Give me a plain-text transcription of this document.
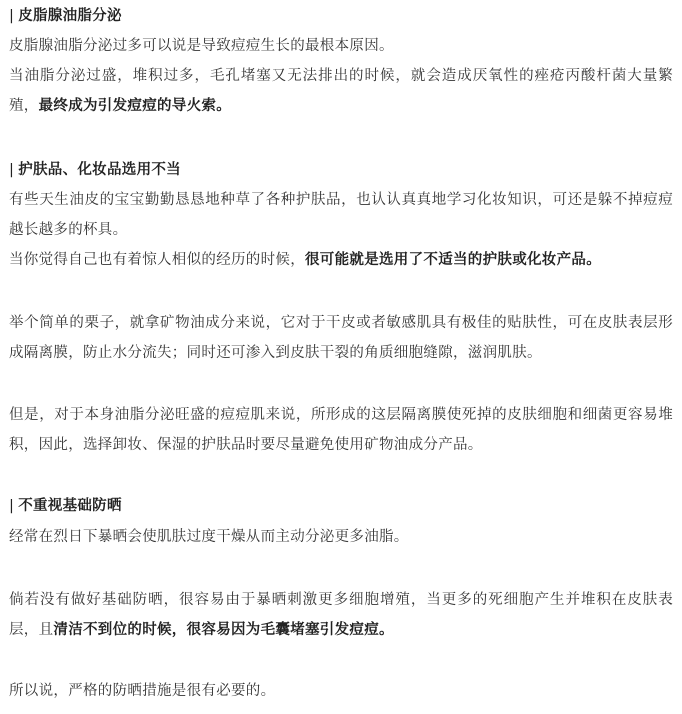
| 皮脂腺油脂分泌

皮脂腺油脂分泌过多可以说是导致痘痘生长的最根本原因。

当油脂分泌过盛，堆积过多，毛孔堵塞又无法排出的时候，就会造成厌氧性的痤疮丙酸杆菌大量繁殖，最终成为引发痘痘的导火索。

| 护肤品、化妆品选用不当

有些天生油皮的宝宝勤勤恳恳地种草了各种护肤品，也认认真真地学习化妆知识，可还是躲不掉痘痘越长越多的杯具。

当你觉得自己也有着惊人相似的经历的时候，很可能就是选用了不适当的护肤或化妆产品。

举个简单的栗子，就拿矿物油成分来说，它对于干皮或者敏感肌具有极佳的贴肤性，可在皮肤表层形成隔离膜，防止水分流失；同时还可渗入到皮肤干裂的角质细胞缝隙，滋润肌肤。

但是，对于本身油脂分泌旺盛的痘痘肌来说，所形成的这层隔离膜使死掉的皮肤细胞和细菌更容易堆积，因此，选择卸妆、保湿的护肤品时要尽量避免使用矿物油成分产品。

| 不重视基础防晒

经常在烈日下暴晒会使肌肤过度干燥从而主动分泌更多油脂。

倘若没有做好基础防晒，很容易由于暴晒刺激更多细胞增殖，当更多的死细胞产生并堆积在皮肤表层，且清洁不到位的时候，很容易因为毛囊堵塞引发痘痘。

所以说，严格的防晒措施是很有必要的。
